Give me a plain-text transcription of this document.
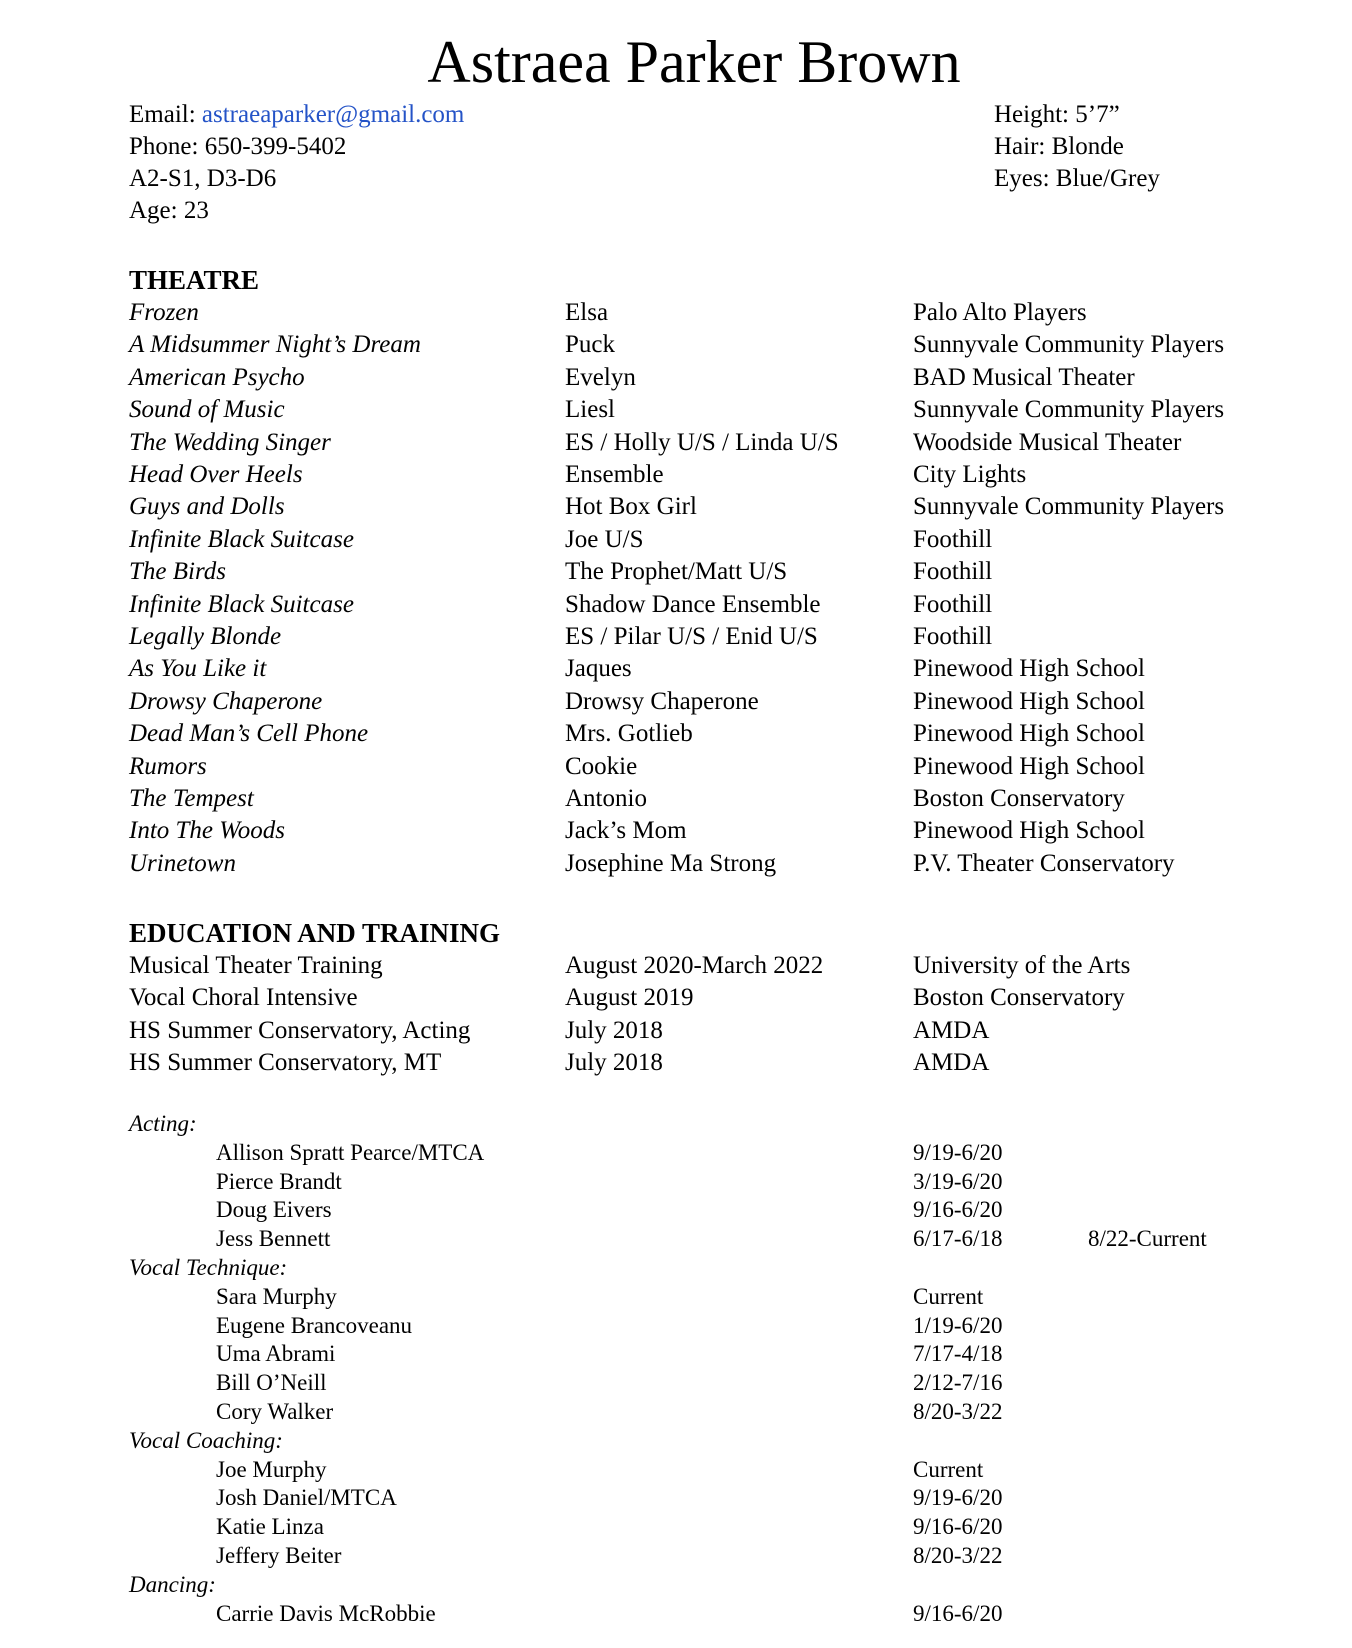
Astraea Parker Brown
Email: astraeaparker@gmail.com
Phone: 650-399-5402
A2-S1, D3-D6
Age: 23
Height: 5’7”
Hair: Blonde
Eyes: Blue/Grey
THEATRE
Frozen	Elsa	Palo Alto Players
A Midsummer Night’s Dream	Puck	Sunnyvale Community Players
American Psycho	Evelyn	BAD Musical Theater
Sound of Music	Liesl	Sunnyvale Community Players
The Wedding Singer	ES / Holly U/S / Linda U/S	Woodside Musical Theater
Head Over Heels	Ensemble	City Lights
Guys and Dolls	Hot Box Girl	Sunnyvale Community Players
Infinite Black Suitcase	Joe U/S	Foothill
The Birds	The Prophet/Matt U/S	Foothill
Infinite Black Suitcase	Shadow Dance Ensemble	Foothill
Legally Blonde	ES / Pilar U/S / Enid U/S	Foothill
As You Like it	Jaques	Pinewood High School
Drowsy Chaperone	Drowsy Chaperone	Pinewood High School
Dead Man’s Cell Phone	Mrs. Gotlieb	Pinewood High School
Rumors	Cookie	Pinewood High School
The Tempest	Antonio	Boston Conservatory
Into The Woods	Jack’s Mom	Pinewood High School
Urinetown	Josephine Ma Strong	P.V. Theater Conservatory
EDUCATION AND TRAINING
Musical Theater Training	August 2020-March 2022	University of the Arts
Vocal Choral Intensive	August 2019	Boston Conservatory
HS Summer Conservatory, Acting	July 2018	AMDA
HS Summer Conservatory, MT	July 2018	AMDA
Acting:
Allison Spratt Pearce/MTCA	9/19-6/20
Pierce Brandt	3/19-6/20
Doug Eivers	9/16-6/20
Jess Bennett	6/17-6/18	8/22-Current
Vocal Technique:
Sara Murphy	Current
Eugene Brancoveanu	1/19-6/20
Uma Abrami	7/17-4/18
Bill O’Neill	2/12-7/16
Cory Walker	8/20-3/22
Vocal Coaching:
Joe Murphy	Current
Josh Daniel/MTCA	9/19-6/20
Katie Linza	9/16-6/20
Jeffery Beiter	8/20-3/22
Dancing:
Carrie Davis McRobbie	9/16-6/20
